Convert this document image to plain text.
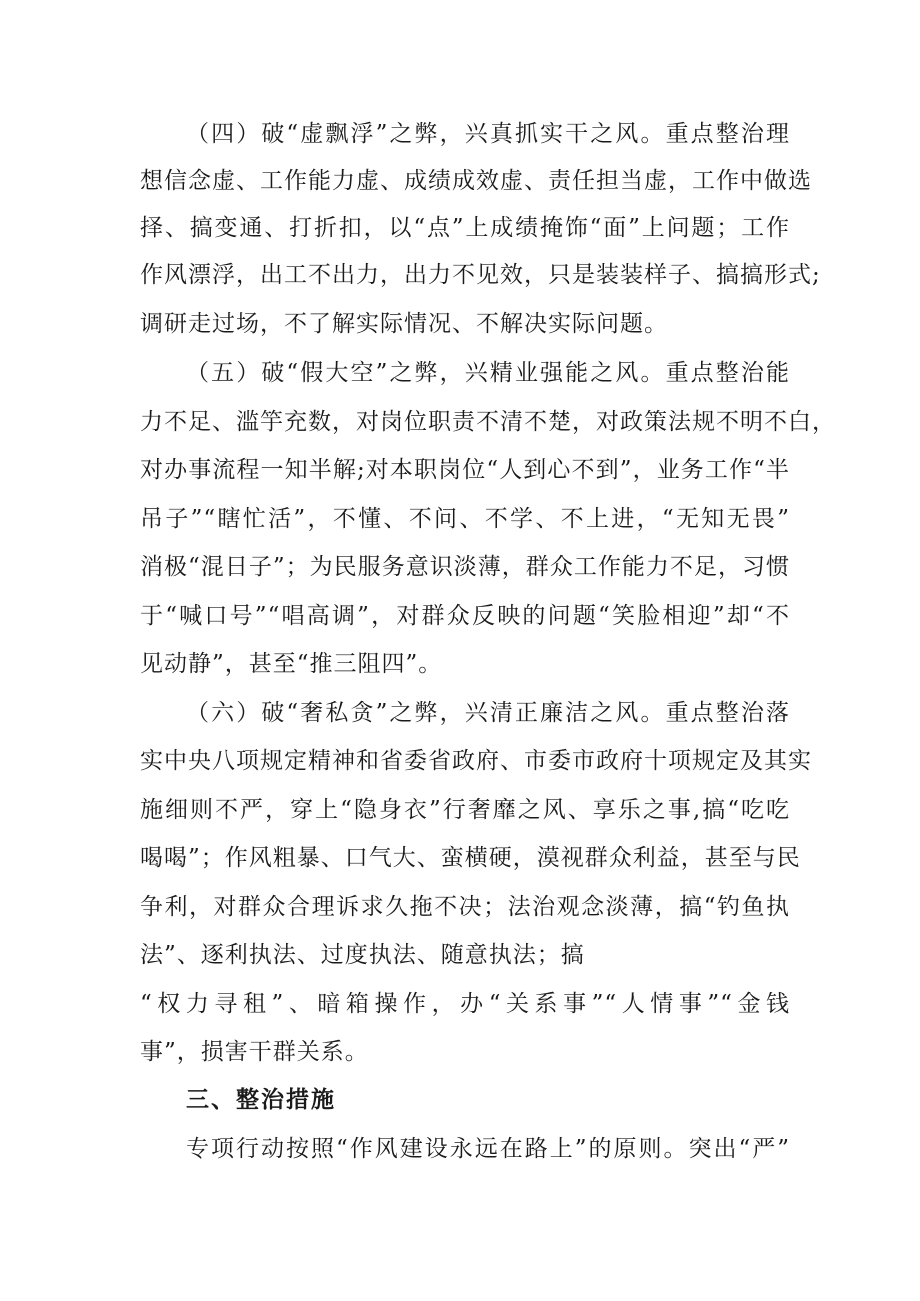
（四）破“虚飘浮”之弊，兴真抓实干之风。重点整治理
想信念虚、工作能力虚、成绩成效虚、责任担当虚，工作中做选
择、搞变通、打折扣，以“点”上成绩掩饰“面”上问题；工作
作风漂浮，出工不出力，出力不见效，只是装装样子、搞搞形式;
调研走过场，不了解实际情况、不解决实际问题。
（五）破“假大空”之弊，兴精业强能之风。重点整治能
力不足、滥竽充数，对岗位职责不清不楚，对政策法规不明不白，
对办事流程一知半解;对本职岗位“人到心不到”，业务工作“半
吊子”“瞎忙活”，不懂、不问、不学、不上进，“无知无畏”
消极“混日子”；为民服务意识淡薄，群众工作能力不足，习惯
于“喊口号”“唱高调”，对群众反映的问题“笑脸相迎”却“不
见动静”，甚至“推三阻四”。
（六）破“奢私贪”之弊，兴清正廉洁之风。重点整治落
实中央八项规定精神和省委省政府、市委市政府十项规定及其实
施细则不严，穿上“隐身衣”行奢靡之风、享乐之事,搞“吃吃
喝喝”；作风粗暴、口气大、蛮横硬，漠视群众利益，甚至与民
争利，对群众合理诉求久拖不决；法治观念淡薄，搞“钓鱼执
法”、逐利执法、过度执法、随意执法；搞
“权力寻租”、暗箱操作，办“关系事”“人情事”“金钱
事”，损害干群关系。
三、整治措施
专项行动按照“作风建设永远在路上”的原则。突出“严”
